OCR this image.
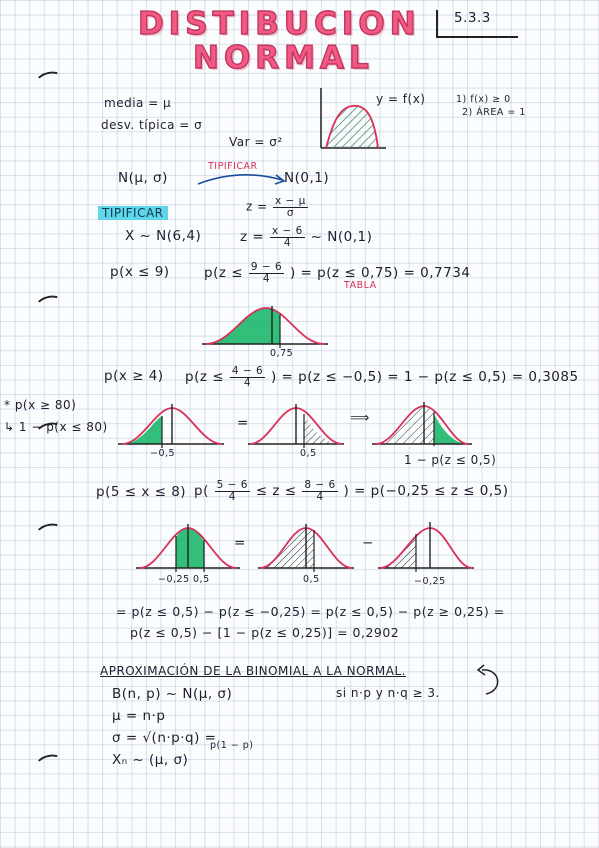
DISTIBUCION
NORMAL
5.3.3
media = μ
desv. típica = σ
Var = σ²
y = f(x)	1) f(x) ≥ 0
2) ÁREA = 1
N(μ, σ)
TIPIFICAR
N(0,1)
$z = \frac{x - \mu}{\sigma}$
TIPIFICAR
X ~ N(6,4)	$z = \frac{x - 6}{4}$ ~ N(0,1)
p(x ≤ 9)	$p(z \le \frac{9 - 6}{4}$ ) = p(z ≤ 0,75) = 0,7734
TABLA
0,75
p(x ≥ 4) $p(z \le \frac{4 - 6}{4}$ ) = p(z ≤ −0,5) = 1 − p(z ≤ 0,5) = 0,3085
* p(x ≥ 80)
↳ 1 − p(x ≤ 80)
−0,5
=
0,5
⟹
1 − p(z ≤ 0,5)
p(5 ≤ x ≤ 8) $p( \frac{5 - 6}{4} \le z \le \frac{8 - 6}{4}$ ) = p(−0,25 ≤ z ≤ 0,5)
−0,25 0,5
=
0,5
−
−0,25
= p(z ≤ 0,5) − p(z ≤ −0,25) = p(z ≤ 0,5) − p(z ≥ 0,25) =
p(z ≤ 0,5) − [1 − p(z ≤ 0,25)] = 0,2902
APROXIMACIÓN DE LA BINOMIAL A LA NORMAL.
B(n, p) ~ N(μ, σ)	si n·p y n·q ≥ 3.
μ = n·p
σ = √(n·p·q) =
p(1 − p)
Xₙ ~ (μ, σ)
